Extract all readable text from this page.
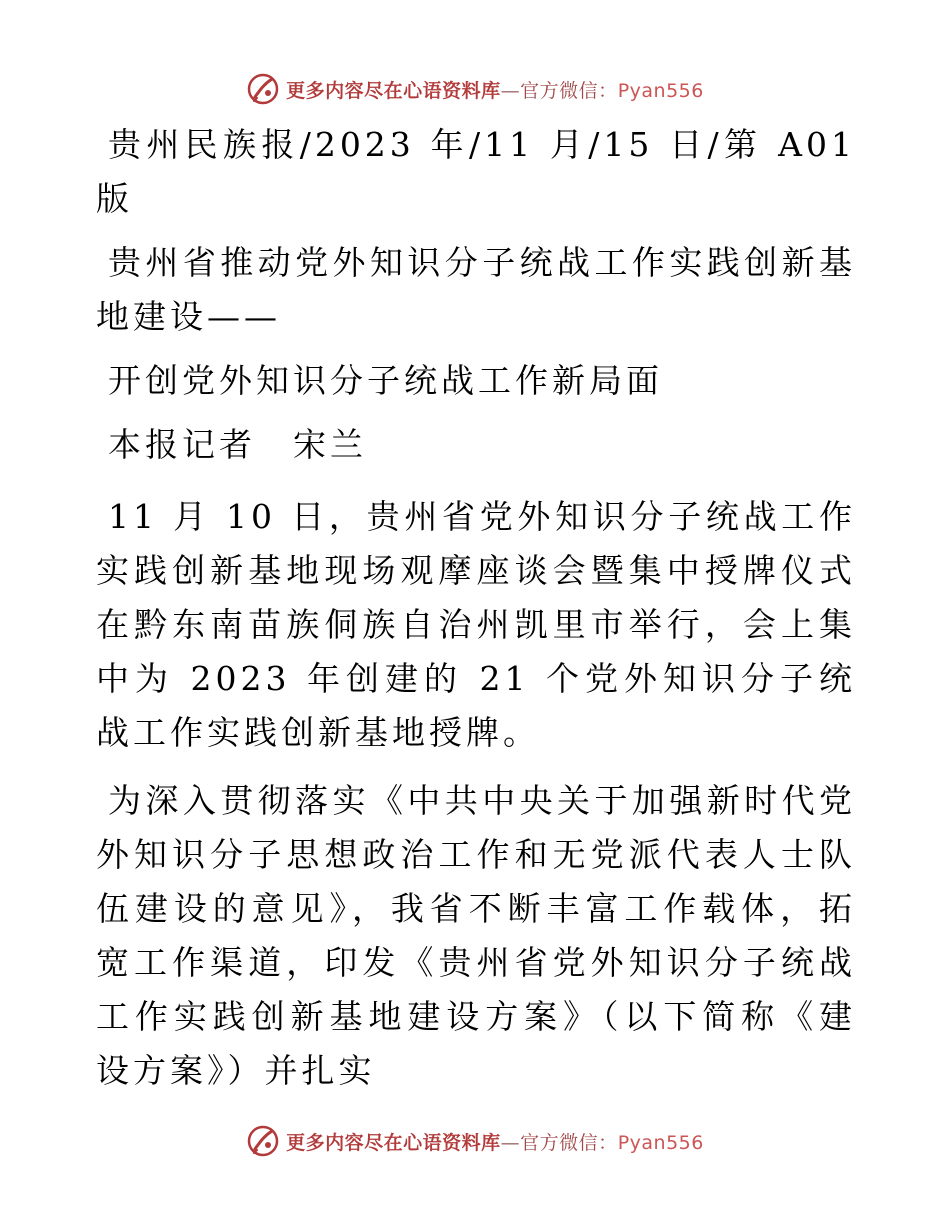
更多内容尽在心语资料库—官方微信：Pyan556

贵州民族报/2023 年/11 月/15 日/第 A01 版

贵州省推动党外知识分子统战工作实践创新基地建设——

开创党外知识分子统战工作新局面

本报记者　宋兰

11 月 10 日，贵州省党外知识分子统战工作实践创新基地现场观摩座谈会暨集中授牌仪式在黔东南苗族侗族自治州凯里市举行，会上集中为 2023 年创建的 21 个党外知识分子统战工作实践创新基地授牌。

为深入贯彻落实《中共中央关于加强新时代党外知识分子思想政治工作和无党派代表人士队伍建设的意见》，我省不断丰富工作载体，拓宽工作渠道，印发《贵州省党外知识分子统战工作实践创新基地建设方案》（以下简称《建设方案》）并扎实

更多内容尽在心语资料库—官方微信：Pyan556
